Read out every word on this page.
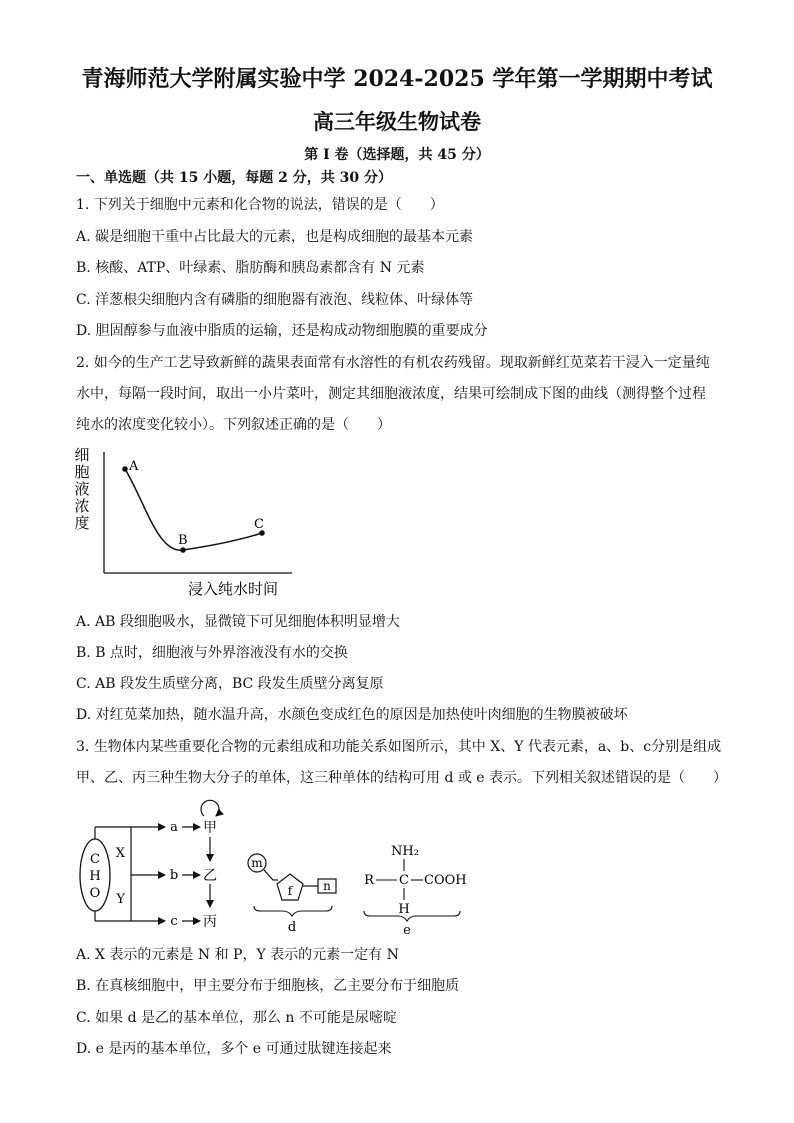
青海师范大学附属实验中学 2024-2025 学年第一学期期中考试
高三年级生物试卷
第 I 卷（选择题，共 45 分）
一、单选题（共 15 小题，每题 2 分，共 30 分）
1. 下列关于细胞中元素和化合物的说法，错误的是（　　）
A. 碳是细胞干重中占比最大的元素，也是构成细胞的最基本元素
B. 核酸、ATP、叶绿素、脂肪酶和胰岛素都含有 N 元素
C. 洋葱根尖细胞内含有磷脂的细胞器有液泡、线粒体、叶绿体等
D. 胆固醇参与血液中脂质的运输，还是构成动物细胞膜的重要成分
2. 如今的生产工艺导致新鲜的蔬果表面常有水溶性的有机农药残留。现取新鲜红苋菜若干浸入一定量纯
水中，每隔一段时间，取出一小片菜叶，测定其细胞液浓度，结果可绘制成下图的曲线（测得整个过程
纯水的浓度变化较小）。下列叙述正确的是（　　）
细
胞
液
浓
度
A
B
C
浸入纯水时间
A. AB 段细胞吸水，显微镜下可见细胞体积明显增大
B. B 点时，细胞液与外界溶液没有水的交换
C. AB 段发生质壁分离，BC 段发生质壁分离复原
D. 对红苋菜加热，随水温升高，水颜色变成红色的原因是加热使叶肉细胞的生物膜被破坏
3. 生物体内某些重要化合物的元素组成和功能关系如图所示，其中 X、Y 代表元素，a、b、c分别是组成
甲、乙、丙三种生物大分子的单体，这三种单体的结构可用 d 或 e 表示。下列相关叙述错误的是（　　）
C
H
O
X
Y
a
b
c
甲
乙
丙
m
f	n
d
NH₂
R C COOH
H
e
A. X 表示的元素是 N 和 P，Y 表示的元素一定有 N
B. 在真核细胞中，甲主要分布于细胞核，乙主要分布于细胞质
C. 如果 d 是乙的基本单位，那么 n 不可能是尿嘧啶
D. e 是丙的基本单位，多个 e 可通过肽键连接起来
